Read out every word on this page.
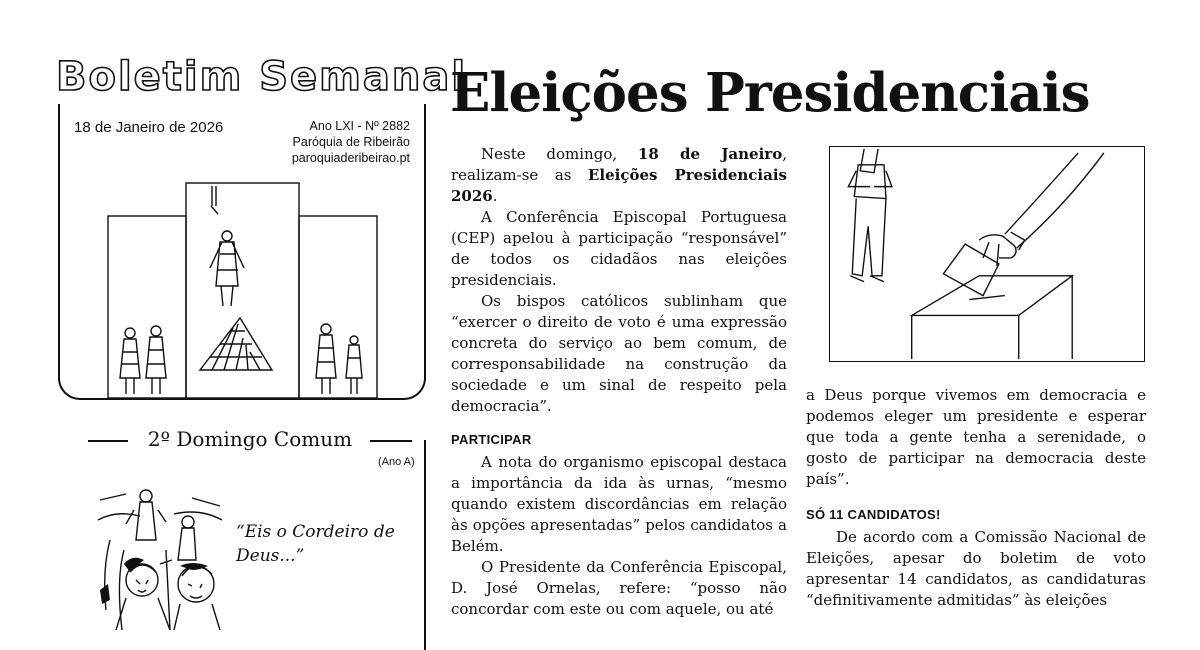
Boletim Semanal
18 de Janeiro de 2026	Ano LXI - Nº 2882
Paróquia de Ribeirão
paroquiaderibeirao.pt
2º Domingo Comum
(Ano A)
“Eis o Cordeiro de Deus...”
Eleições Presidenciais

Neste domingo, 18 de Janeiro, realizam-se as Eleições Presidenciais 2026.

A Conferência Episcopal Portuguesa (CEP) apelou à participação “responsável” de todos os cidadãos nas eleições presidenciais.

Os bispos católicos sublinham que “exercer o direito de voto é uma expressão concreta do serviço ao bem comum, de corresponsabilidade na construção da sociedade e um sinal de respeito pela democracia”.

PARTICIPAR

A nota do organismo episcopal destaca a importância da ida às urnas, “mesmo quando existem discordâncias em relação às opções apresentadas” pelos candidatos a Belém.

O Presidente da Conferência Episcopal, D. José Ornelas, refere: “posso não concordar com este ou com aquele, ou até

a Deus porque vivemos em democracia e podemos eleger um presidente e esperar que toda a gente tenha a serenidade, o gosto de participar na democracia deste país”.

SÓ 11 CANDIDATOS!

De acordo com a Comissão Nacional de Eleições, apesar do boletim de voto apresentar 14 candidatos, as candidaturas “definitivamente admitidas” às eleições
